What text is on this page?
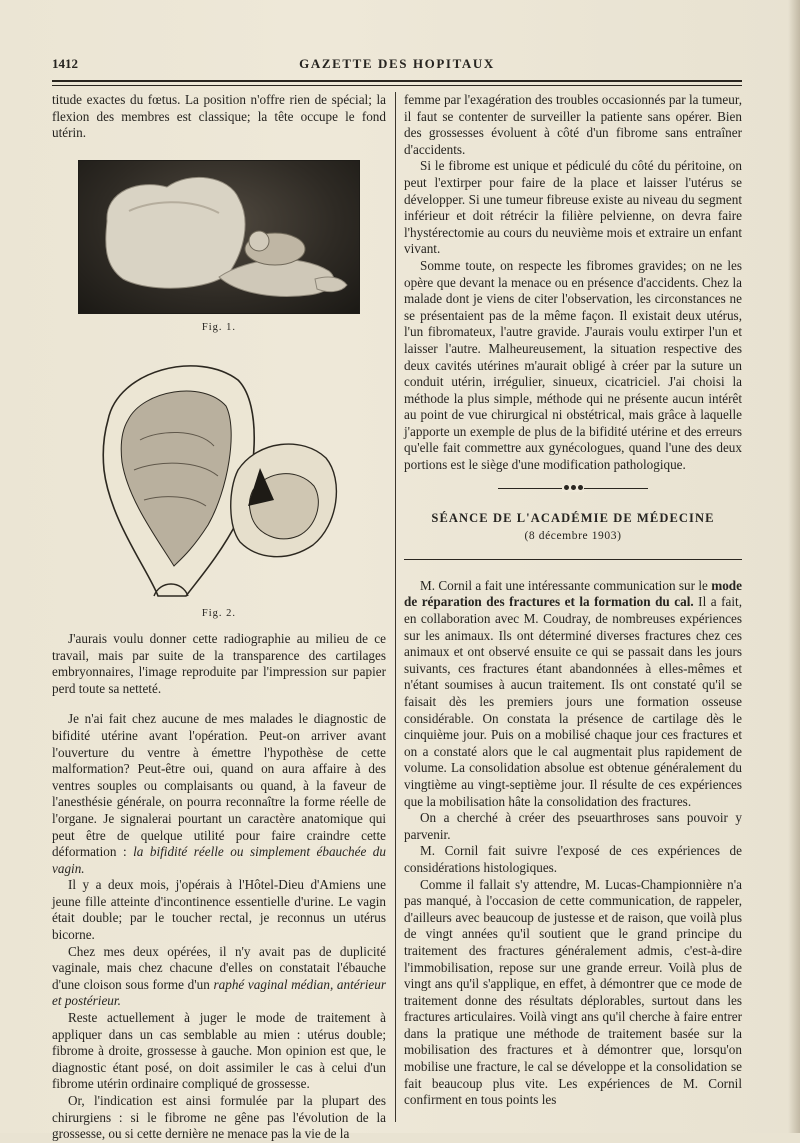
GAZETTE DES HOPITAUX
1412

titude exactes du fœtus. La position n'offre rien de spécial; la flexion des membres est classique; la tête occupe le fond utérin.

Fig. 1.
Fig. 2.

J'aurais voulu donner cette radiographie au milieu de ce travail, mais par suite de la transparence des cartilages embryonnaires, l'image reproduite par l'impression sur papier perd toute sa netteté.

Je n'ai fait chez aucune de mes malades le diagnostic de bifidité utérine avant l'opération. Peut-on arriver avant l'ouverture du ventre à émettre l'hypothèse de cette malformation? Peut-être oui, quand on aura affaire à des ventres souples ou complaisants ou quand, à la faveur de l'anesthésie générale, on pourra reconnaître la forme réelle de l'organe. Je signalerai pourtant un caractère anatomique qui peut être de quelque utilité pour faire craindre cette déformation : la bifidité réelle ou simplement ébauchée du vagin.

Il y a deux mois, j'opérais à l'Hôtel-Dieu d'Amiens une jeune fille atteinte d'incontinence essentielle d'urine. Le vagin était double; par le toucher rectal, je reconnus un utérus bicorne.

Chez mes deux opérées, il n'y avait pas de duplicité vaginale, mais chez chacune d'elles on constatait l'ébauche d'une cloison sous forme d'un raphé vaginal médian, antérieur et postérieur.

Reste actuellement à juger le mode de traitement à appliquer dans un cas semblable au mien : utérus double; fibrome à droite, grossesse à gauche. Mon opinion est que, le diagnostic étant posé, on doit assimiler le cas à celui d'un fibrome utérin ordinaire compliqué de grossesse.

Or, l'indication est ainsi formulée par la plupart des chirurgiens : si le fibrome ne gêne pas l'évolution de la grossesse, ou si cette dernière ne menace pas la vie de la

femme par l'exagération des troubles occasionnés par la tumeur, il faut se contenter de surveiller la patiente sans opérer. Bien des grossesses évoluent à côté d'un fibrome sans entraîner d'accidents.

Si le fibrome est unique et pédiculé du côté du péritoine, on peut l'extirper pour faire de la place et laisser l'utérus se développer. Si une tumeur fibreuse existe au niveau du segment inférieur et doit rétrécir la filière pelvienne, on devra faire l'hystérectomie au cours du neuvième mois et extraire un enfant vivant.

Somme toute, on respecte les fibromes gravides; on ne les opère que devant la menace ou en présence d'accidents. Chez la malade dont je viens de citer l'observation, les circonstances ne se présentaient pas de la même façon. Il existait deux utérus, l'un fibromateux, l'autre gravide. J'aurais voulu extirper l'un et laisser l'autre. Malheureusement, la situation respective des deux cavités utérines m'aurait obligé à créer par la suture un conduit utérin, irrégulier, sinueux, cicatriciel. J'ai choisi la méthode la plus simple, méthode qui ne présente aucun intérêt au point de vue chirurgical ni obstétrical, mais grâce à laquelle j'apporte un exemple de plus de la bifidité utérine et des erreurs qu'elle fait commettre aux gynécologues, quand l'une des deux portions est le siège d'une modification pathologique.

SÉANCE DE L'ACADÉMIE DE MÉDECINE
(8 décembre 1903)

M. Cornil a fait une intéressante communication sur le mode de réparation des fractures et la formation du cal. Il a fait, en collaboration avec M. Coudray, de nombreuses expériences sur les animaux. Ils ont déterminé diverses fractures chez ces animaux et ont observé ensuite ce qui se passait dans les jours suivants, ces fractures étant abandonnées à elles-mêmes et n'étant soumises à aucun traitement. Ils ont constaté qu'il se faisait dès les premiers jours une formation osseuse considérable. On constata la présence de cartilage dès le cinquième jour. Puis on a mobilisé chaque jour ces fractures et on a constaté alors que le cal augmentait plus rapidement de volume. La consolidation absolue est obtenue généralement du vingtième au vingt-septième jour. Il résulte de ces expériences que la mobilisation hâte la consolidation des fractures.

On a cherché à créer des pseuarthroses sans pouvoir y parvenir.

M. Cornil fait suivre l'exposé de ces expériences de considérations histologiques.

Comme il fallait s'y attendre, M. Lucas-Championnière n'a pas manqué, à l'occasion de cette communication, de rappeler, d'ailleurs avec beaucoup de justesse et de raison, que voilà plus de vingt années qu'il soutient que le grand principe du traitement des fractures généralement admis, c'est-à-dire l'immobilisation, repose sur une grande erreur. Voilà plus de vingt ans qu'il s'applique, en effet, à démontrer que ce mode de traitement donne des résultats déplorables, surtout dans les fractures articulaires. Voilà vingt ans qu'il cherche à faire entrer dans la pratique une méthode de traitement basée sur la mobilisation des fractures et à démontrer que, lorsqu'on mobilise une fracture, le cal se développe et la consolidation se fait beaucoup plus vite. Les expériences de M. Cornil confirment en tous points les
